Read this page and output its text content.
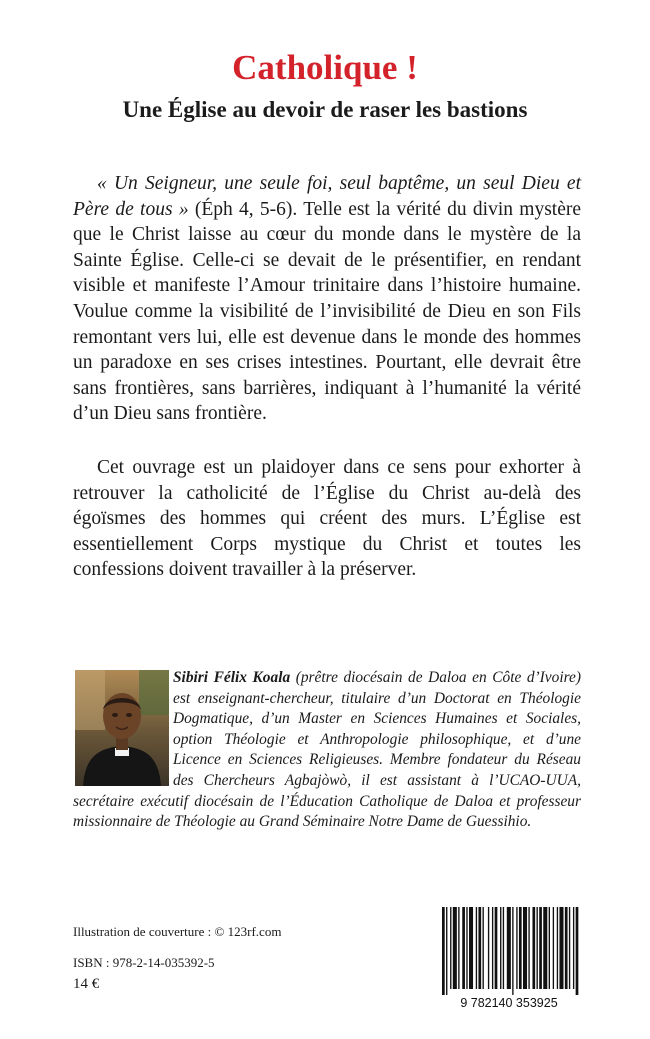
Catholique !
Une Église au devoir de raser les bastions

« Un Seigneur, une seule foi, seul baptême, un seul Dieu et Père de tous » (Éph 4, 5-6). Telle est la vérité du divin mystère que le Christ laisse au cœur du monde dans le mystère de la Sainte Église. Celle-ci se devait de le présentifier, en rendant visible et manifeste l’Amour trinitaire dans l’histoire humaine. Voulue comme la visibilité de l’invisibilité de Dieu en son Fils remontant vers lui, elle est devenue dans le monde des hommes un paradoxe en ses crises intestines. Pourtant, elle devrait être sans frontières, sans barrières, indiquant à l’humanité la vérité d’un Dieu sans frontière.

Cet ouvrage est un plaidoyer dans ce sens pour exhorter à retrouver la catholicité de l’Église du Christ au-delà des égoïsmes des hommes qui créent des murs. L’Église est essentiellement Corps mystique du Christ et toutes les confessions doivent travailler à la préserver.

Sibiri Félix Koala (prêtre diocésain de Daloa en Côte d’Ivoire) est enseignant-chercheur, titulaire d’un Doctorat en Théologie Dogmatique, d’un Master en Sciences Humaines et Sociales, option Théologie et Anthropologie philosophique, et d’une Licence en Sciences Religieuses. Membre fondateur du Réseau des Chercheurs Agbajòwò, il est assistant à l’UCAO-UUA, secrétaire exécutif diocésain de l’Éducation Catholique de Daloa et professeur missionnaire de Théologie au Grand Séminaire Notre Dame de Guessihio.

Illustration de couverture : © 123rf.com
ISBN : 978-2-14-035392-5
14 €
9 782140 353925
